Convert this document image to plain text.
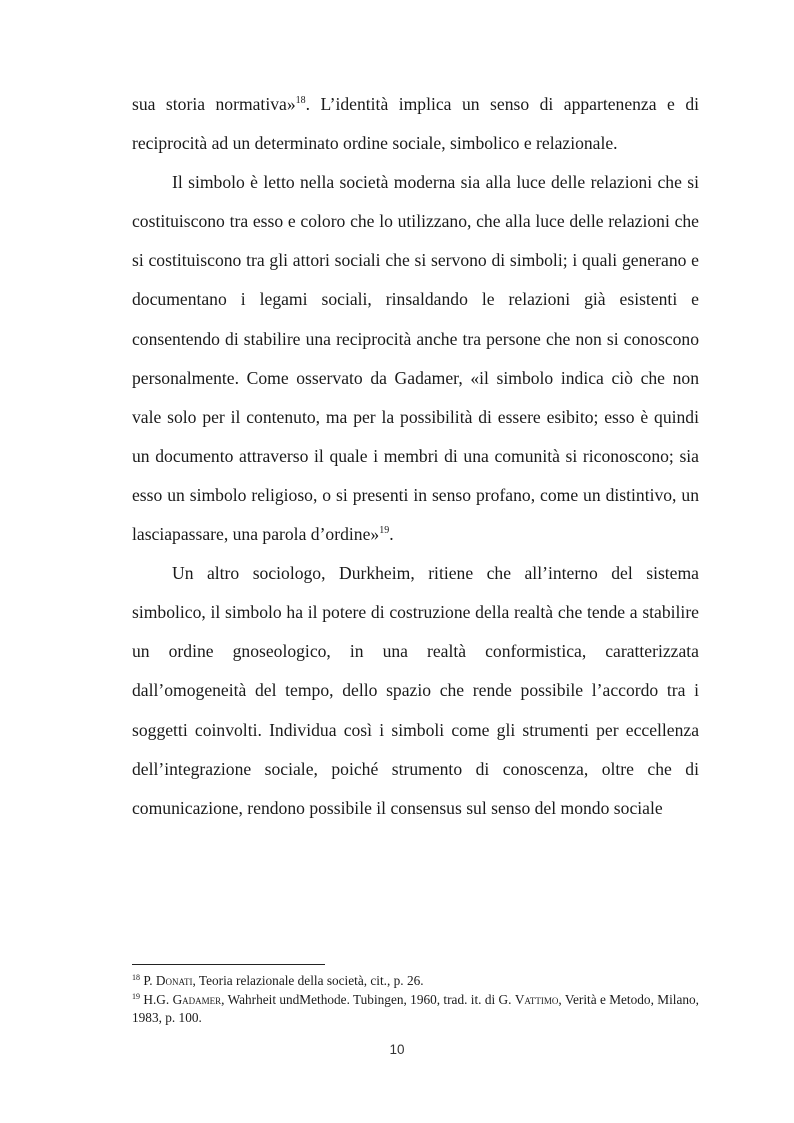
sua storia normativa»$^{18}$. L’identità implica un senso di appartenenza e di reciprocità ad un determinato ordine sociale, simbolico e relazionale.

Il simbolo è letto nella società moderna sia alla luce delle relazioni che si costituiscono tra esso e coloro che lo utilizzano, che alla luce delle relazioni che si costituiscono tra gli attori sociali che si servono di simboli; i quali generano e documentano i legami sociali, rinsaldando le relazioni già esistenti e consentendo di stabilire una reciprocità anche tra persone che non si conoscono personalmente. Come osservato da Gadamer, «il simbolo indica ciò che non vale solo per il contenuto, ma per la possibilità di essere esibito; esso è quindi un documento attraverso il quale i membri di una comunità si riconoscono; sia esso un simbolo religioso, o si presenti in senso profano, come un distintivo, un lasciapassare, una parola d’ordine»$^{19}$.

Un altro sociologo, Durkheim, ritiene che all’interno del sistema simbolico, il simbolo ha il potere di costruzione della realtà che tende a stabilire un ordine gnoseologico, in una realtà conformistica, caratterizzata dall’omogeneità del tempo, dello spazio che rende possibile l’accordo tra i soggetti coinvolti. Individua così i simboli come gli strumenti per eccellenza dell’integrazione sociale, poiché strumento di conoscenza, oltre che di comunicazione, rendono possibile il consensus sul senso del mondo sociale

$^{18}$ P. Donati, Teoria relazionale della società, cit., p. 26.

$^{19}$ H.G. Gadamer, Wahrheit undMethode. Tubingen, 1960, trad. it. di G. Vattimo, Verità e Metodo, Milano, 1983, p. 100.

10
